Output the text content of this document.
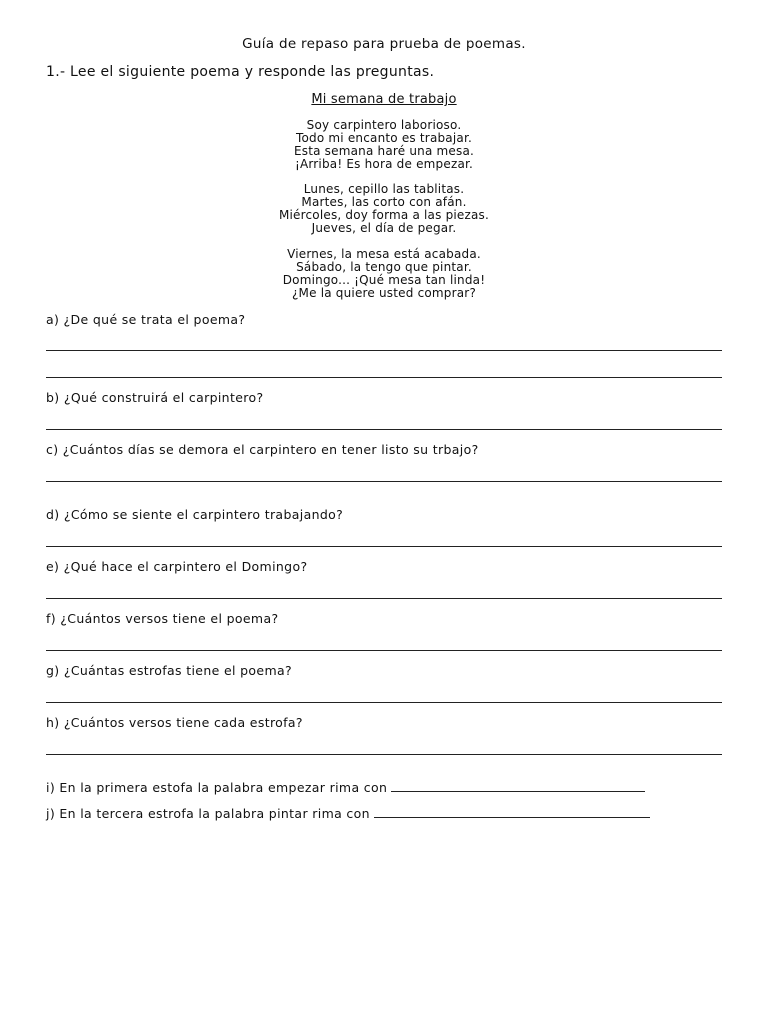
Guía de repaso para prueba de poemas.
1.- Lee el siguiente poema y responde las preguntas.
Mi semana de trabajo
Soy carpintero laborioso.
Todo mi encanto es trabajar.
Esta semana haré una mesa.
¡Arriba! Es hora de empezar.
Lunes, cepillo las tablitas.
Martes, las corto con afán.
Miércoles, doy forma a las piezas.
Jueves, el día de pegar.
Viernes, la mesa está acabada.
Sábado, la tengo que pintar.
Domingo... ¡Qué mesa tan linda!
¿Me la quiere usted comprar?
a) ¿De qué se trata el poema?
b) ¿Qué construirá el carpintero?
c) ¿Cuántos días se demora el carpintero en tener listo su trbajo?
d) ¿Cómo se siente el carpintero trabajando?
e) ¿Qué hace el carpintero el Domingo?
f) ¿Cuántos versos tiene el poema?
g) ¿Cuántas estrofas tiene el poema?
h) ¿Cuántos versos tiene cada estrofa?
i) En la primera estofa la palabra empezar rima con
j) En la tercera estrofa la palabra pintar rima con
